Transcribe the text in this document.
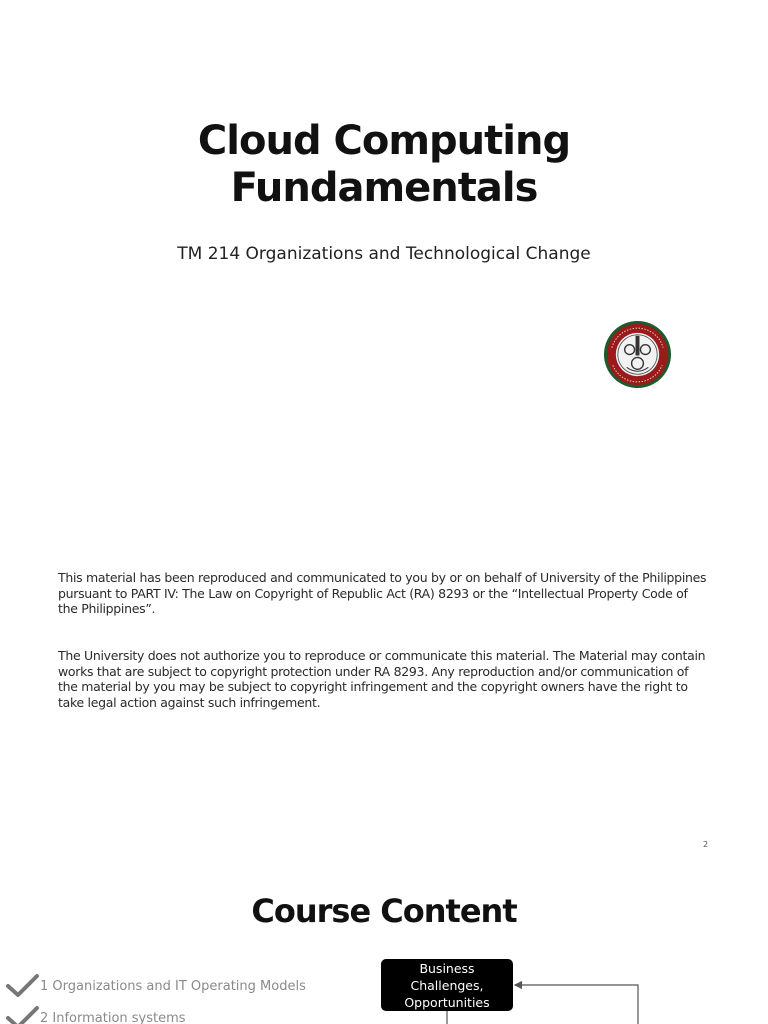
Cloud Computing
Fundamentals
TM 214 Organizations and Technological Change
This material has been reproduced and communicated to you by or on behalf of University of the Philippines pursuant to PART IV: The Law on Copyright of Republic Act (RA) 8293 or the “Intellectual Property Code of the Philippines”.
The University does not authorize you to reproduce or communicate this material. The Material may contain works that are subject to copyright protection under RA 8293. Any reproduction and/or communication of the material by you may be subject to copyright infringement and the copyright owners have the right to take legal action against such infringement.
2
Course Content
1 Organizations and IT Operating Models
2 Information systems
Business
Challenges,
Opportunities
